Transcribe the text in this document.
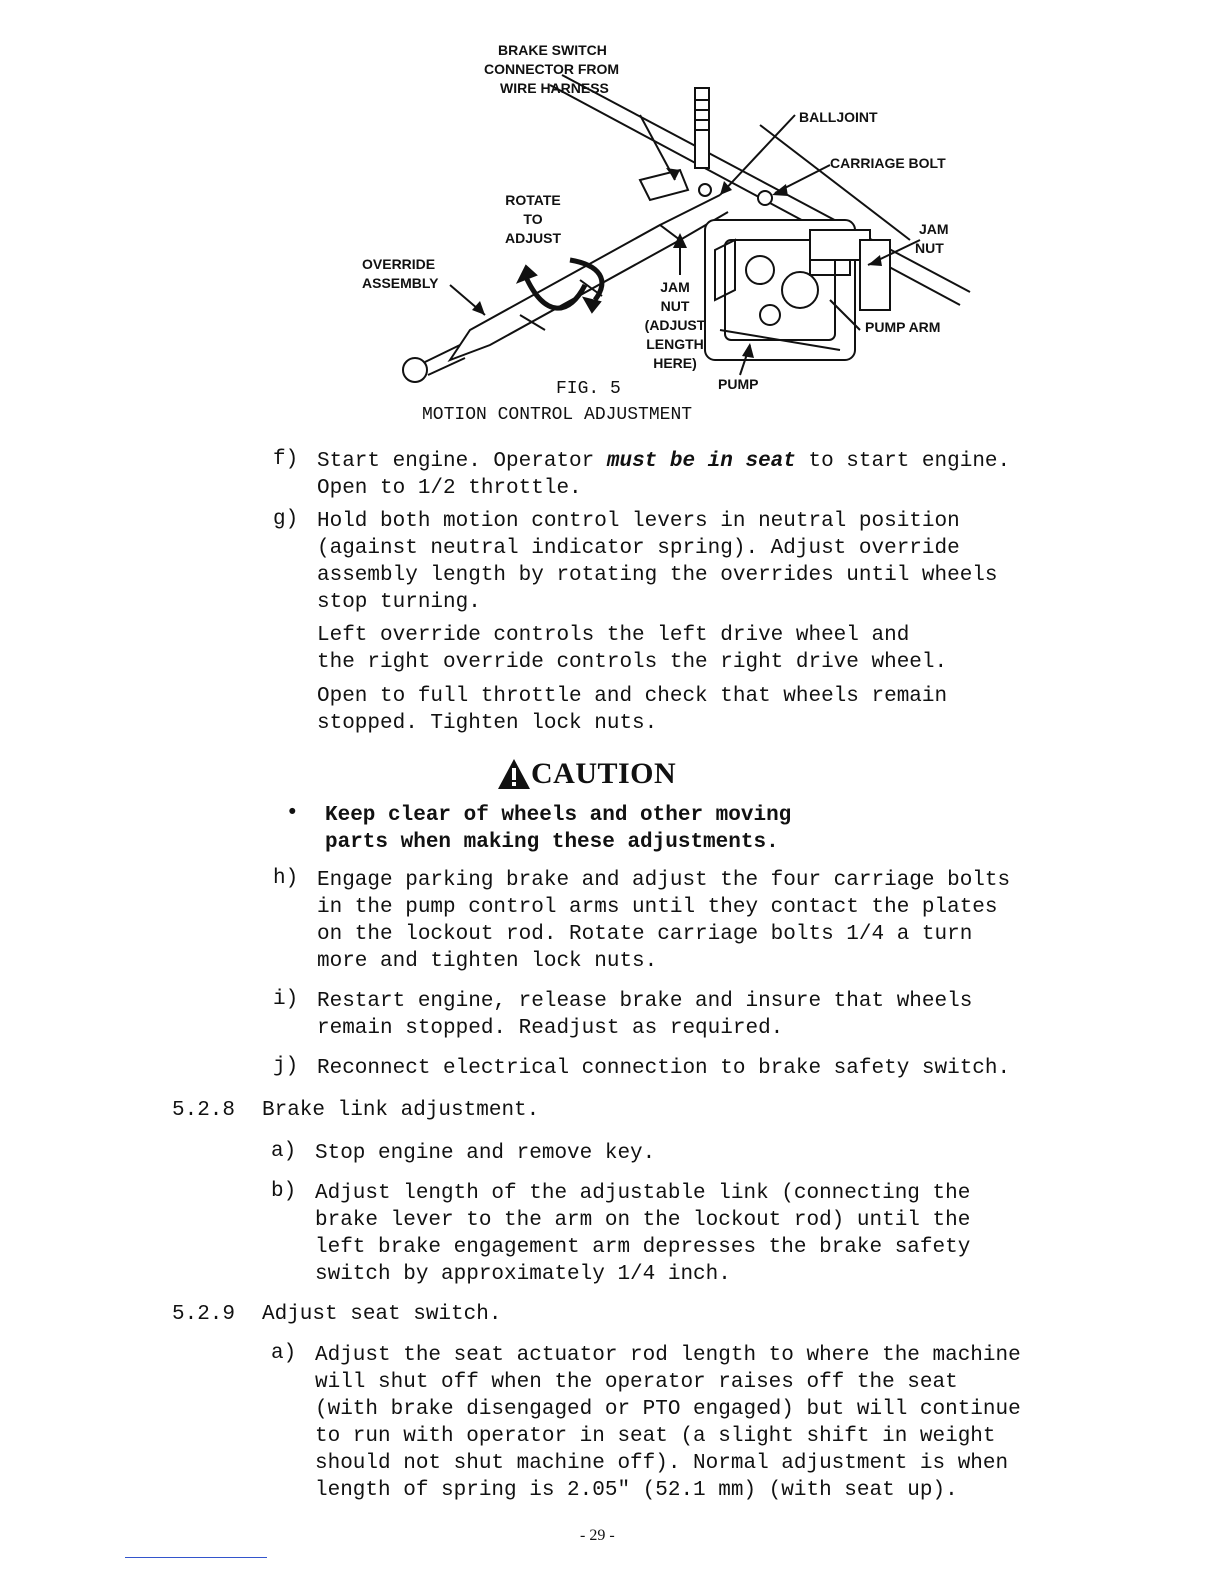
BRAKE SWITCH
CONNECTOR FROM
WIRE HARNESS
BALLJOINT
CARRIAGE BOLT
ROTATE
TO
ADJUST
JAM
NUT
OVERRIDE
ASSEMBLY	JAM
NUT
(ADJUST
LENGTH
HERE)
PUMP ARM
PUMP
FIG. 5
MOTION CONTROL ADJUSTMENT
f) Start engine. Operator must be in seat to start engine.
Open to 1/2 throttle.
g) Hold both motion control levers in neutral position
(against neutral indicator spring). Adjust override
assembly length by rotating the overrides until wheels
stop turning.
Left override controls the left drive wheel and
the right override controls the right drive wheel.
Open to full throttle and check that wheels remain
stopped. Tighten lock nuts.
CAUTION
• Keep clear of wheels and other moving
parts when making these adjustments.
h) Engage parking brake and adjust the four carriage bolts
in the pump control arms until they contact the plates
on the lockout rod. Rotate carriage bolts 1/4 a turn
more and tighten lock nuts.
i) Restart engine, release brake and insure that wheels
remain stopped. Readjust as required.
j) Reconnect electrical connection to brake safety switch.
5.2.8 Brake link adjustment.
a) Stop engine and remove key.
b) Adjust length of the adjustable link (connecting the
brake lever to the arm on the lockout rod) until the
left brake engagement arm depresses the brake safety
switch by approximately 1/4 inch.
5.2.9 Adjust seat switch.
a) Adjust the seat actuator rod length to where the machine
will shut off when the operator raises off the seat
(with brake disengaged or PTO engaged) but will continue
to run with operator in seat (a slight shift in weight
should not shut machine off). Normal adjustment is when
length of spring is 2.05" (52.1 mm) (with seat up).
- 29 -
